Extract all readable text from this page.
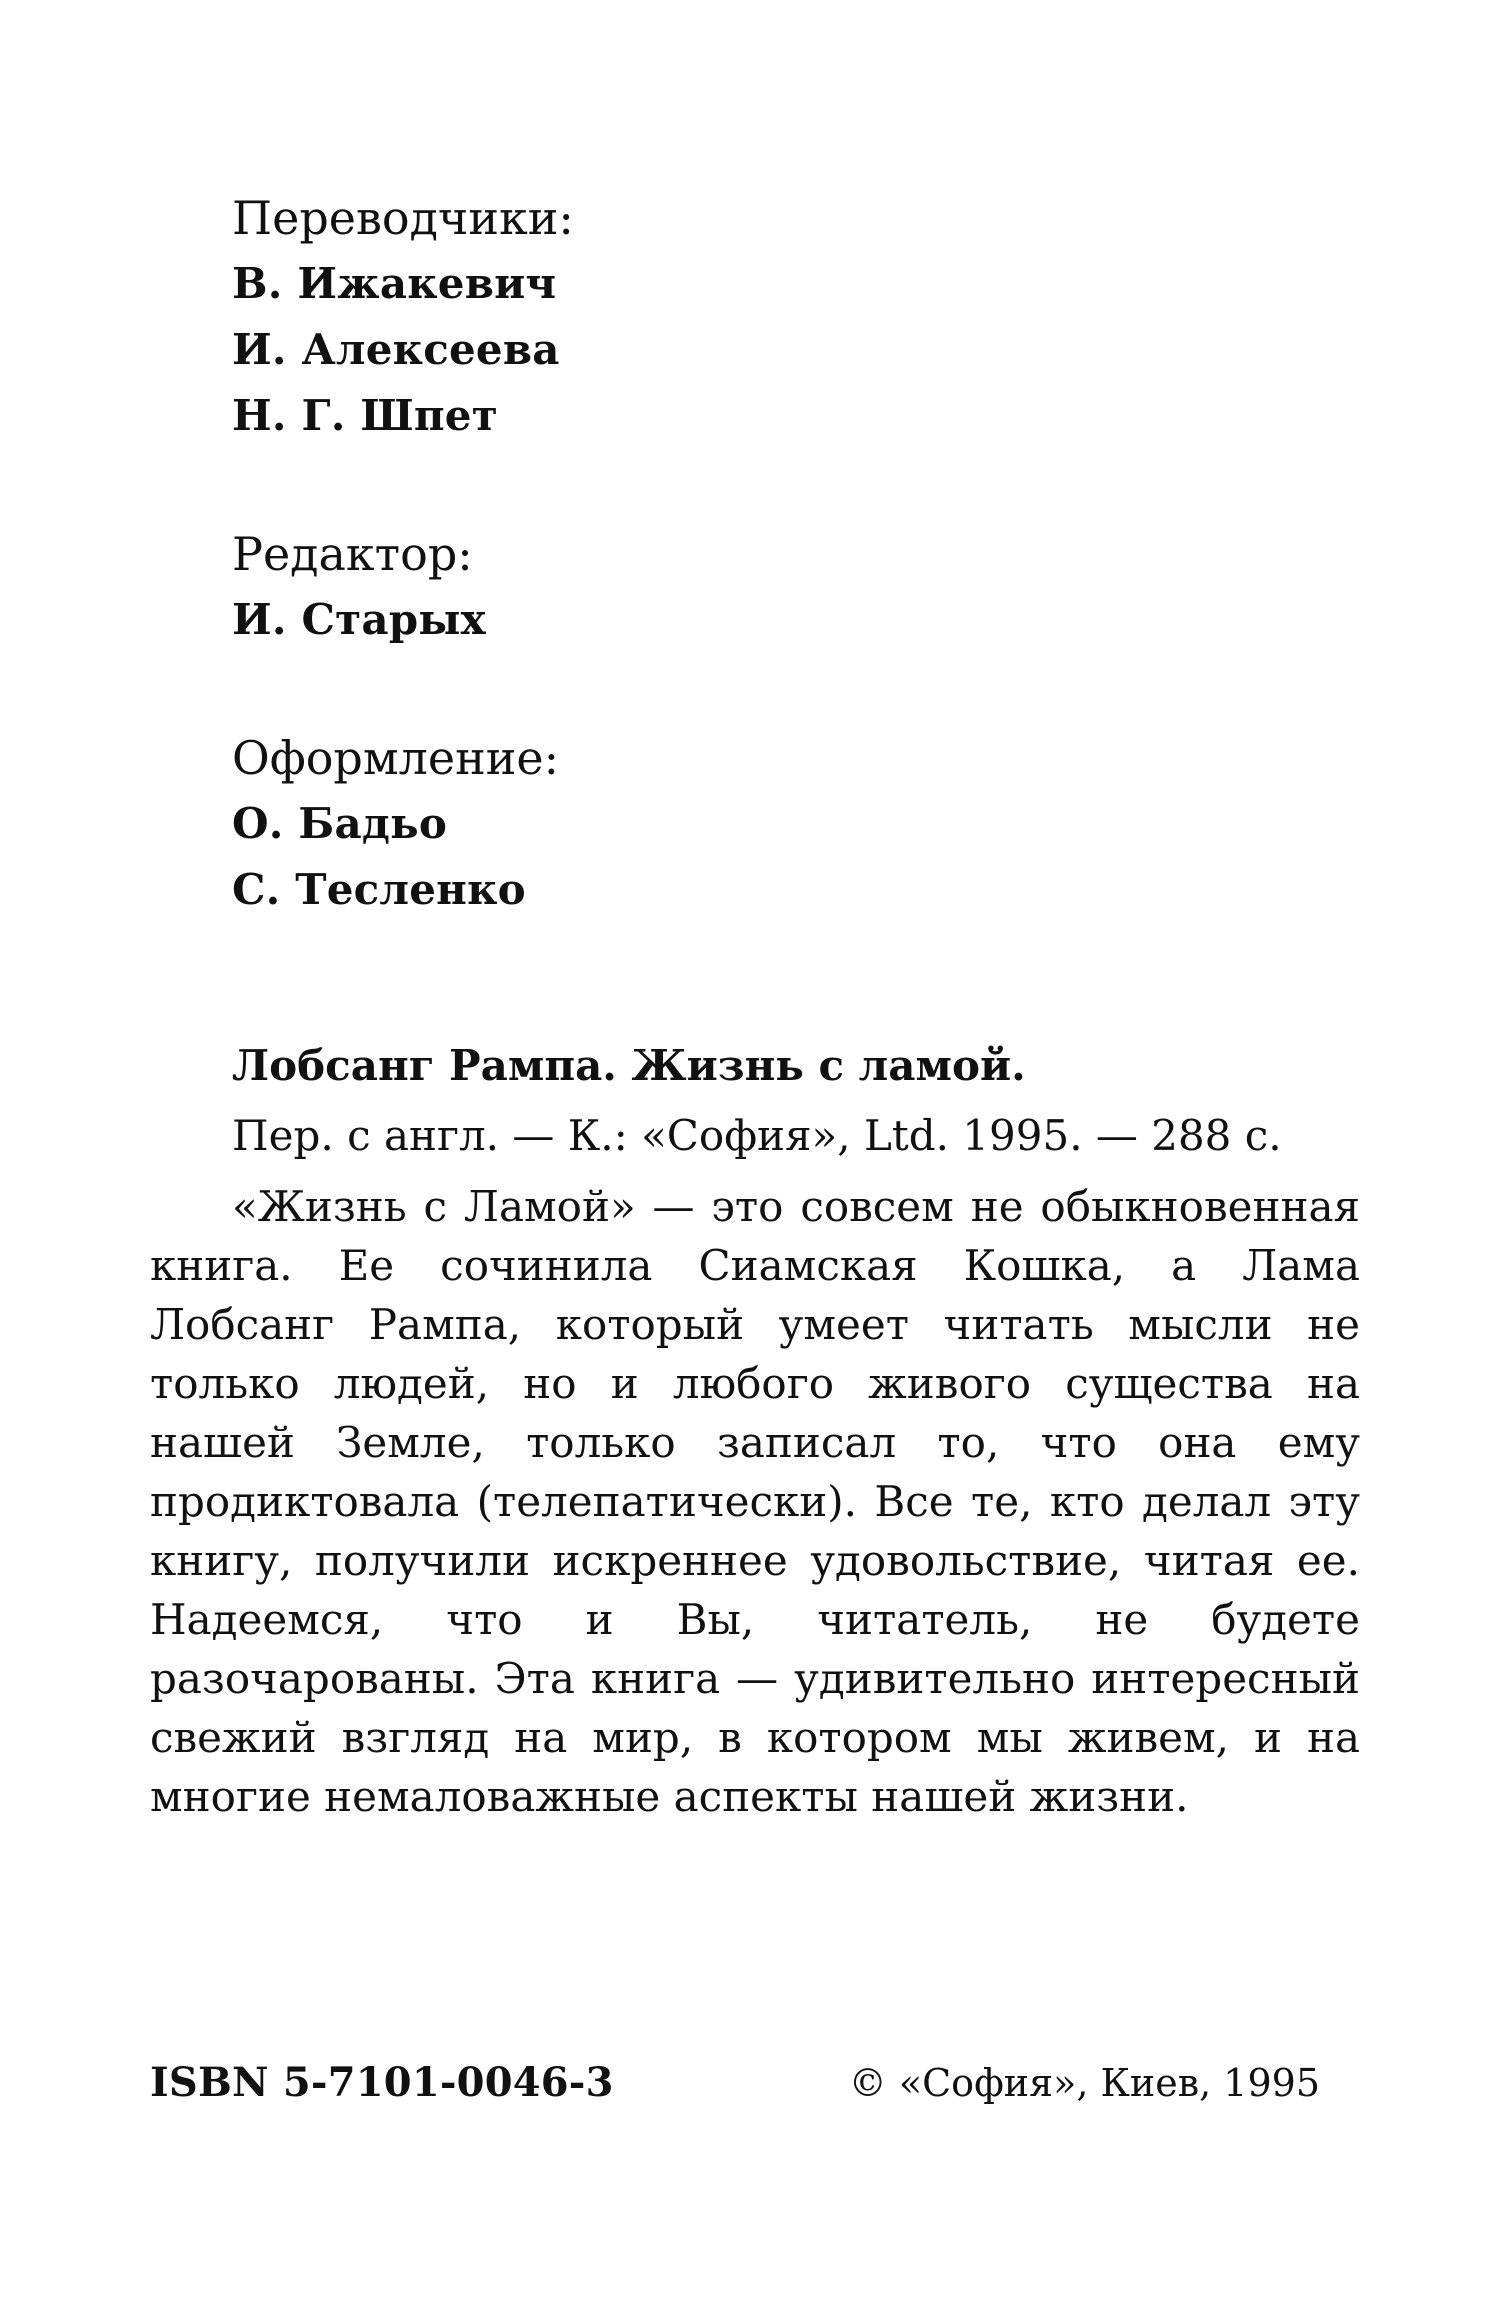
Переводчики:
В. Ижакевич
И. Алексеева
Н. Г. Шпет
Редактор:
И. Старых
Оформление:
О. Бадьо
С. Тесленко
Лобсанг Рампа. Жизнь с ламой.
Пер. с англ. — К.: «София», Ltd. 1995. — 288 с.

«Жизнь с Ламой» — это совсем не обыкновенная книга. Ее сочинила Сиамская Кошка, а Лама Лобсанг Рампа, который умеет читать мысли не только людей, но и любого живого существа на нашей Земле, только записал то, что она ему продиктовала (телепатически). Все те, кто делал эту книгу, получили искреннее удовольствие, читая ее. Надеемся, что и Вы, читатель, не будете разочарованы. Эта книга — удивительно интересный свежий взгляд на мир, в котором мы живем, и на многие немаловажные аспекты нашей жизни.

ISBN 5-7101-0046-3	© «София», Киев, 1995
